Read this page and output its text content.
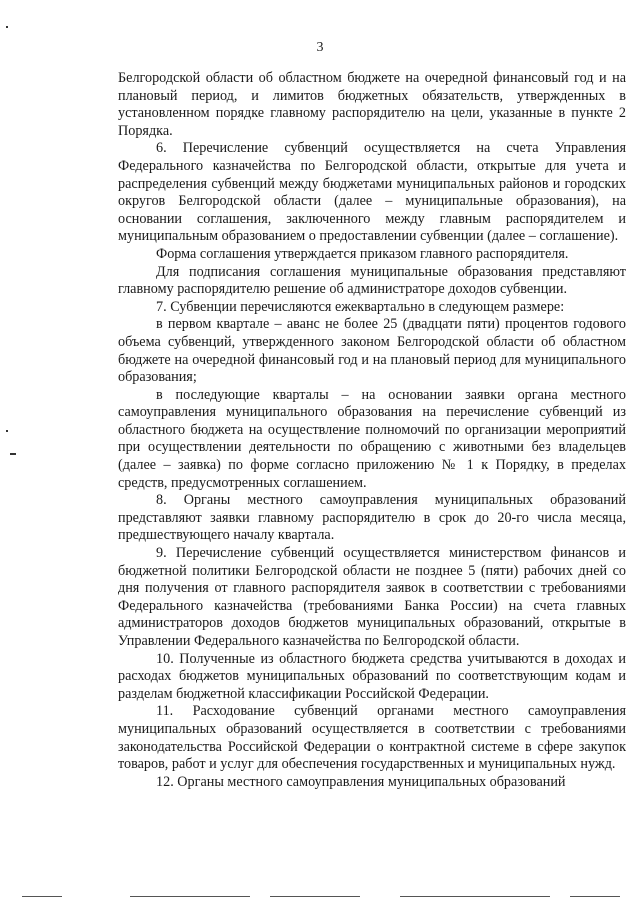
3

Белгородской области об областном бюджете на очередной финансовый год и на плановый период, и лимитов бюджетных обязательств, утвержденных в установленном порядке главному распорядителю на цели, указанные в пункте 2 Порядка.

6. Перечисление субвенций осуществляется на счета Управления Федерального казначейства по Белгородской области, открытые для учета и распределения субвенций между бюджетами муниципальных районов и городских округов Белгородской области (далее – муниципальные образования), на основании соглашения, заключенного между главным распорядителем и муниципальным образованием о предоставлении субвенции (далее – соглашение).

Форма соглашения утверждается приказом главного распорядителя.

Для подписания соглашения муниципальные образования представляют главному распорядителю решение об администраторе доходов субвенции.

7. Субвенции перечисляются ежеквартально в следующем размере:

в первом квартале – аванс не более 25 (двадцати пяти) процентов годового объема субвенций, утвержденного законом Белгородской области об областном бюджете на очередной финансовый год и на плановый период для муниципального образования;

в последующие кварталы – на основании заявки органа местного самоуправления муниципального образования на перечисление субвенций из областного бюджета на осуществление полномочий по организации мероприятий при осуществлении деятельности по обращению с животными без владельцев (далее – заявка) по форме согласно приложению № 1 к Порядку, в пределах средств, предусмотренных соглашением.

8. Органы местного самоуправления муниципальных образований представляют заявки главному распорядителю в срок до 20-го числа месяца, предшествующего началу квартала.

9. Перечисление субвенций осуществляется министерством финансов и бюджетной политики Белгородской области не позднее 5 (пяти) рабочих дней со дня получения от главного распорядителя заявок в соответствии с требованиями Федерального казначейства (требованиями Банка России) на счета главных администраторов доходов бюджетов муниципальных образований, открытые в Управлении Федерального казначейства по Белгородской области.

10. Полученные из областного бюджета средства учитываются в доходах и расходах бюджетов муниципальных образований по соответствующим кодам и разделам бюджетной классификации Российской Федерации.

11. Расходование субвенций органами местного самоуправления муниципальных образований осуществляется в соответствии с требованиями законодательства Российской Федерации о контрактной системе в сфере закупок товаров, работ и услуг для обеспечения государственных и муниципальных нужд.

12. Органы местного самоуправления муниципальных образований
